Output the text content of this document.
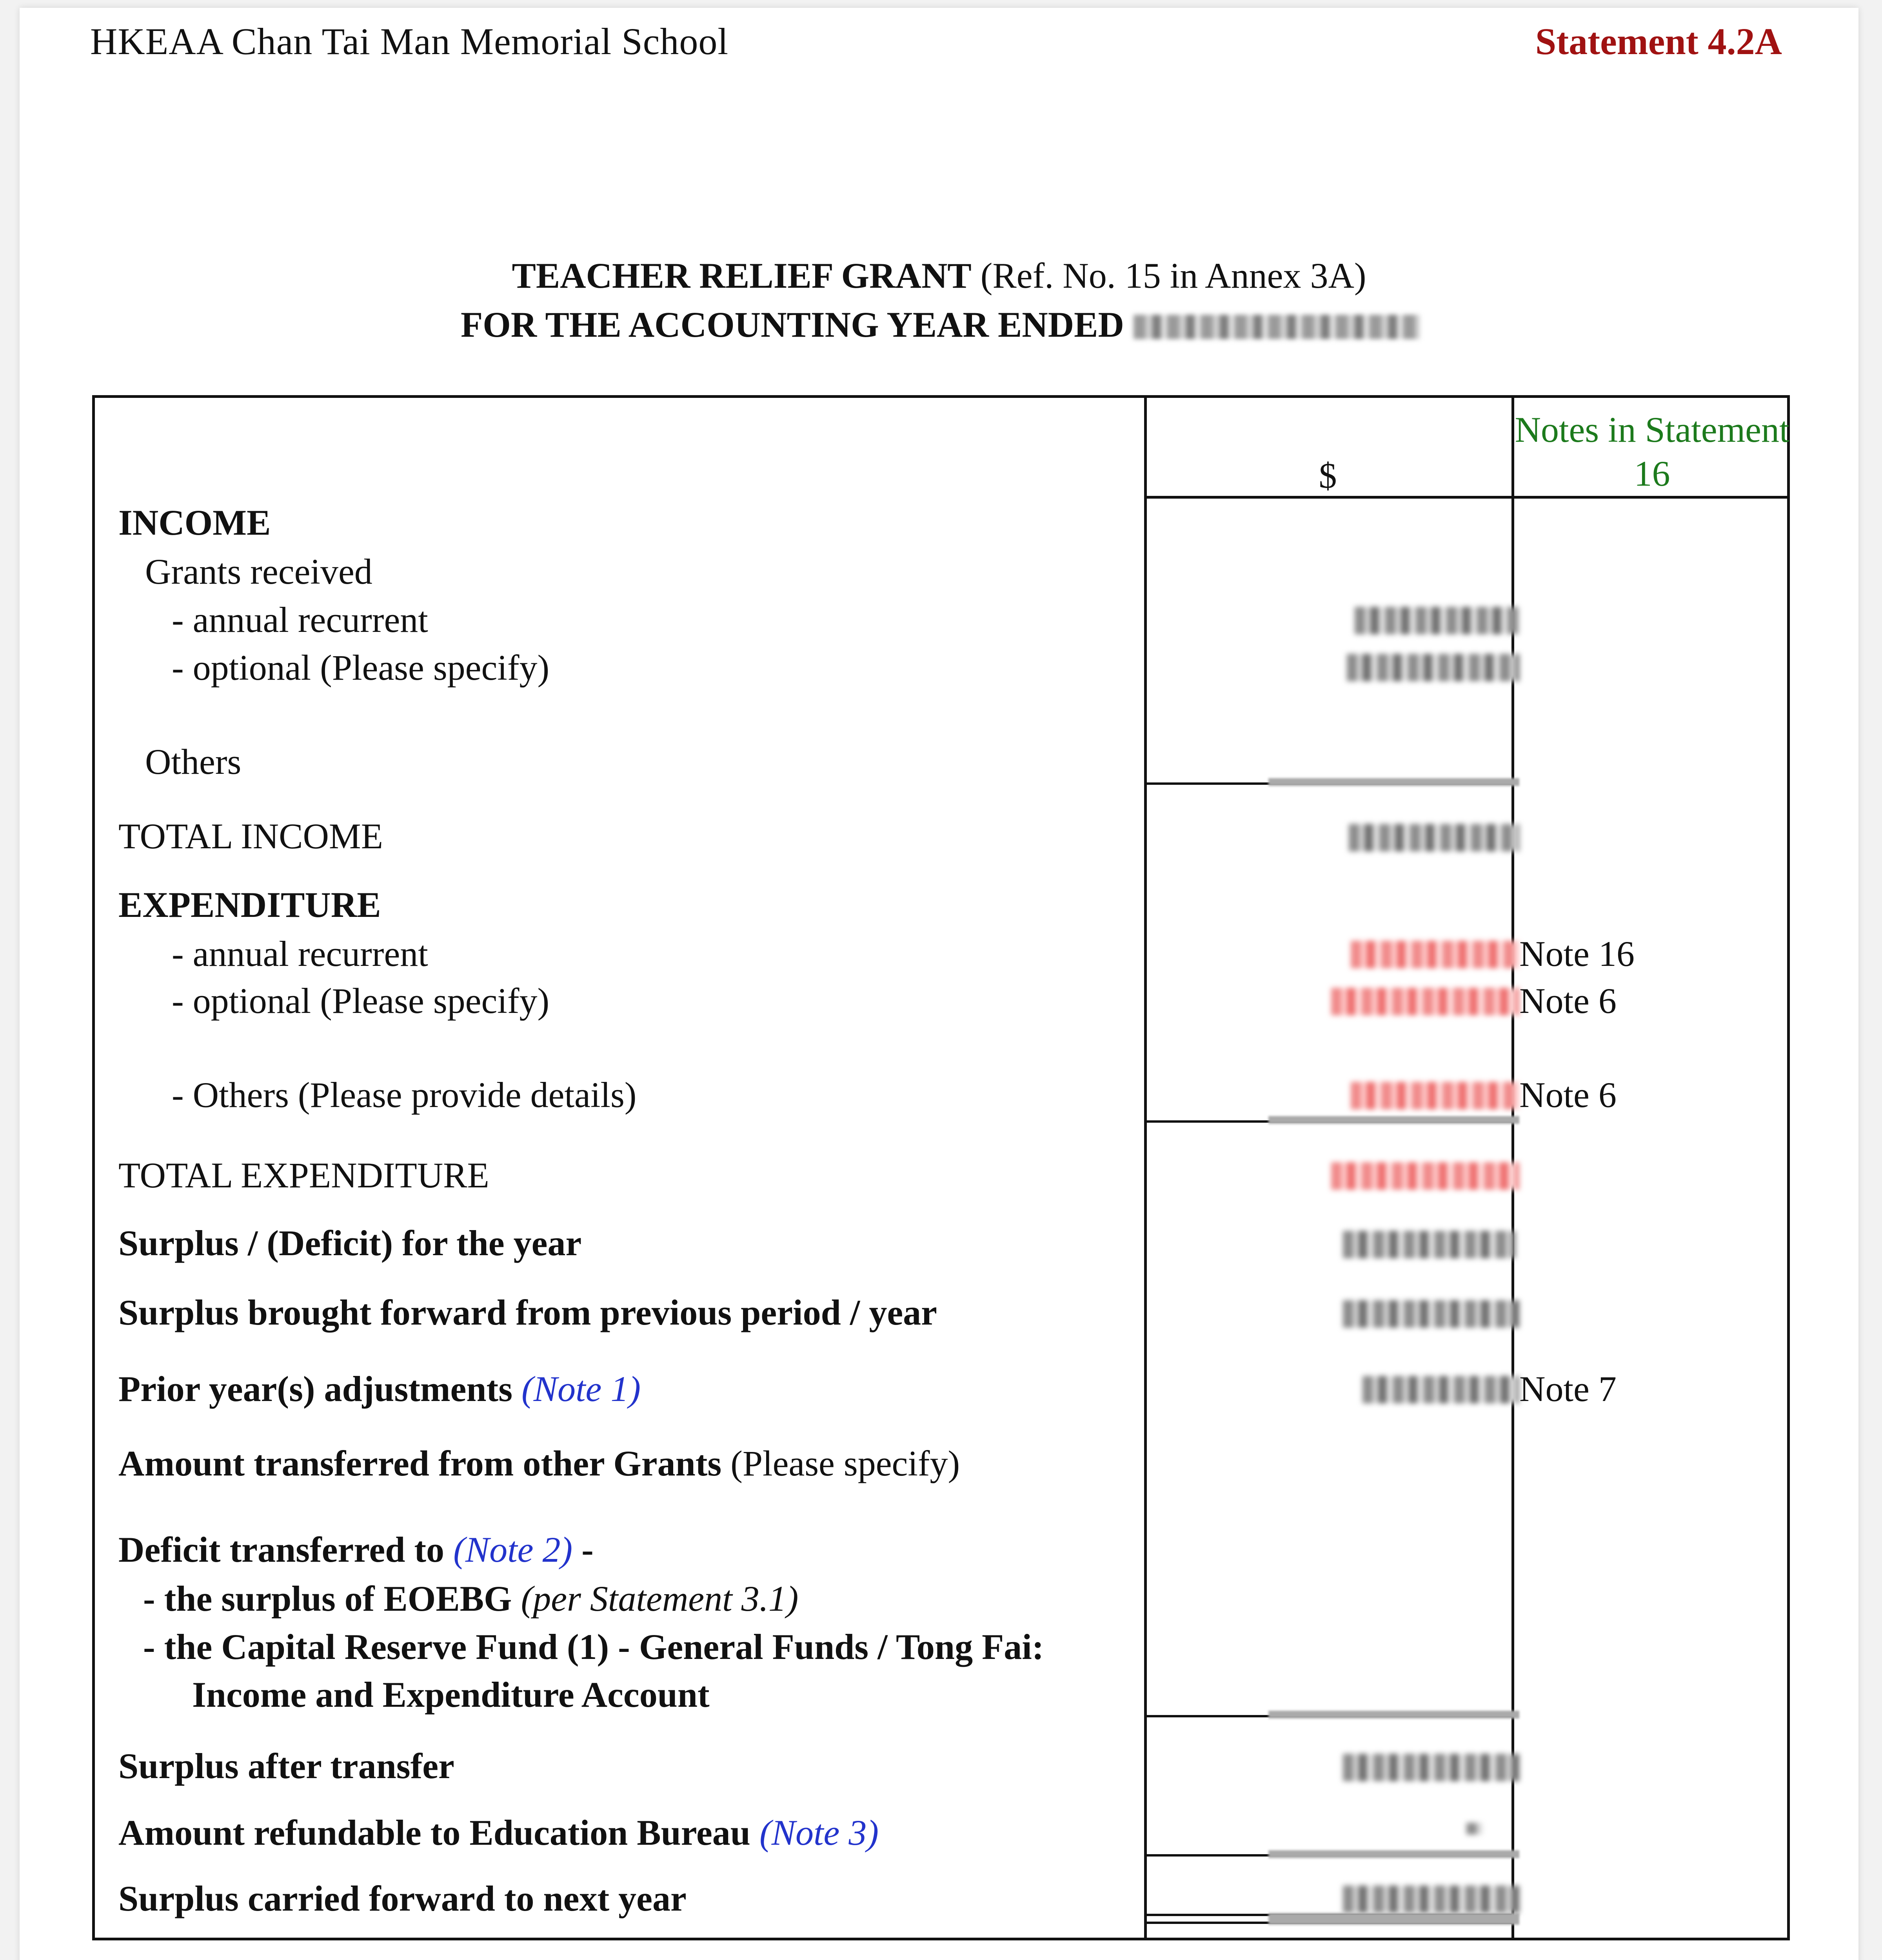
HKEAA Chan Tai Man Memorial School	Statement 4.2A
TEACHER RELIEF GRANT (Ref. No. 15 in Annex 3A)
FOR THE ACCOUNTING YEAR ENDED
$
Notes in Statement 16
INCOME
Grants received
- annual recurrent
- optional (Please specify)
Others
TOTAL INCOME
EXPENDITURE
- annual recurrent	Note 16
- optional (Please specify)	Note 6
- Others (Please provide details)	Note 6
TOTAL EXPENDITURE
Surplus / (Deficit) for the year
Surplus brought forward from previous period / year
Prior year(s) adjustments (Note 1)	Note 7
Amount transferred from other Grants (Please specify)
Deficit transferred to (Note 2) -
- the surplus of EOEBG (per Statement 3.1)
- the Capital Reserve Fund (1) - General Funds / Tong Fai:
Income and Expenditure Account
Surplus after transfer
Amount refundable to Education Bureau (Note 3)
Surplus carried forward to next year
